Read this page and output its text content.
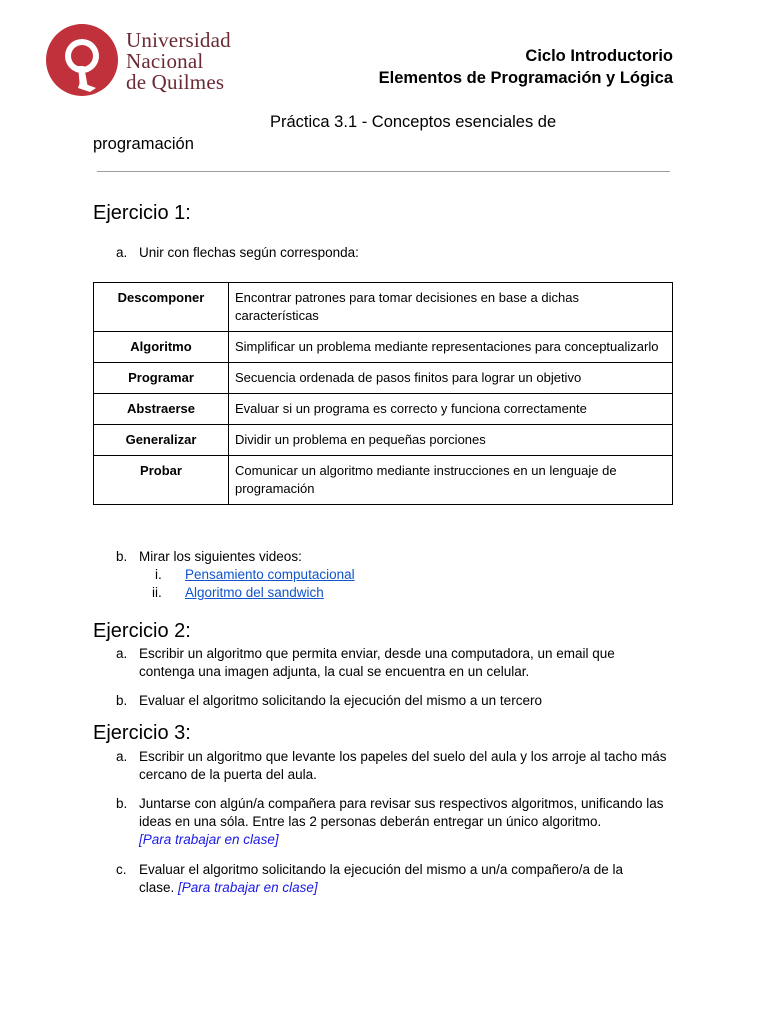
Universidad
Nacional
de Quilmes
Ciclo Introductorio
Elementos de Programación y Lógica
Práctica 3.1 - Conceptos esenciales de
programación
Ejercicio 1:
a. Unir con flechas según corresponda:
Descomponer	Encontrar patrones para tomar decisiones en base a dichas características
Algoritmo	Simplificar un problema mediante representaciones para conceptualizarlo
Programar	Secuencia ordenada de pasos finitos para lograr un objetivo
Abstraerse	Evaluar si un programa es correcto y funciona correctamente
Generalizar	Dividir un problema en pequeñas porciones
Probar	Comunicar un algoritmo mediante instrucciones en un lenguaje de programación
b. Mirar los siguientes videos:
i. Pensamiento computacional
ii. Algoritmo del sandwich
Ejercicio 2:
a. Escribir un algoritmo que permita enviar, desde una computadora, un email que contenga una imagen adjunta, la cual se encuentra en un celular.
b. Evaluar el algoritmo solicitando la ejecución del mismo a un tercero
Ejercicio 3:
a. Escribir un algoritmo que levante los papeles del suelo del aula y los arroje al tacho más cercano de la puerta del aula.
b. Juntarse con algún/a compañera para revisar sus respectivos algoritmos, unificando las ideas en una sóla. Entre las 2 personas deberán entregar un único algoritmo.
[Para trabajar en clase]
c. Evaluar el algoritmo solicitando la ejecución del mismo a un/a compañero/a de la clase. [Para trabajar en clase]
